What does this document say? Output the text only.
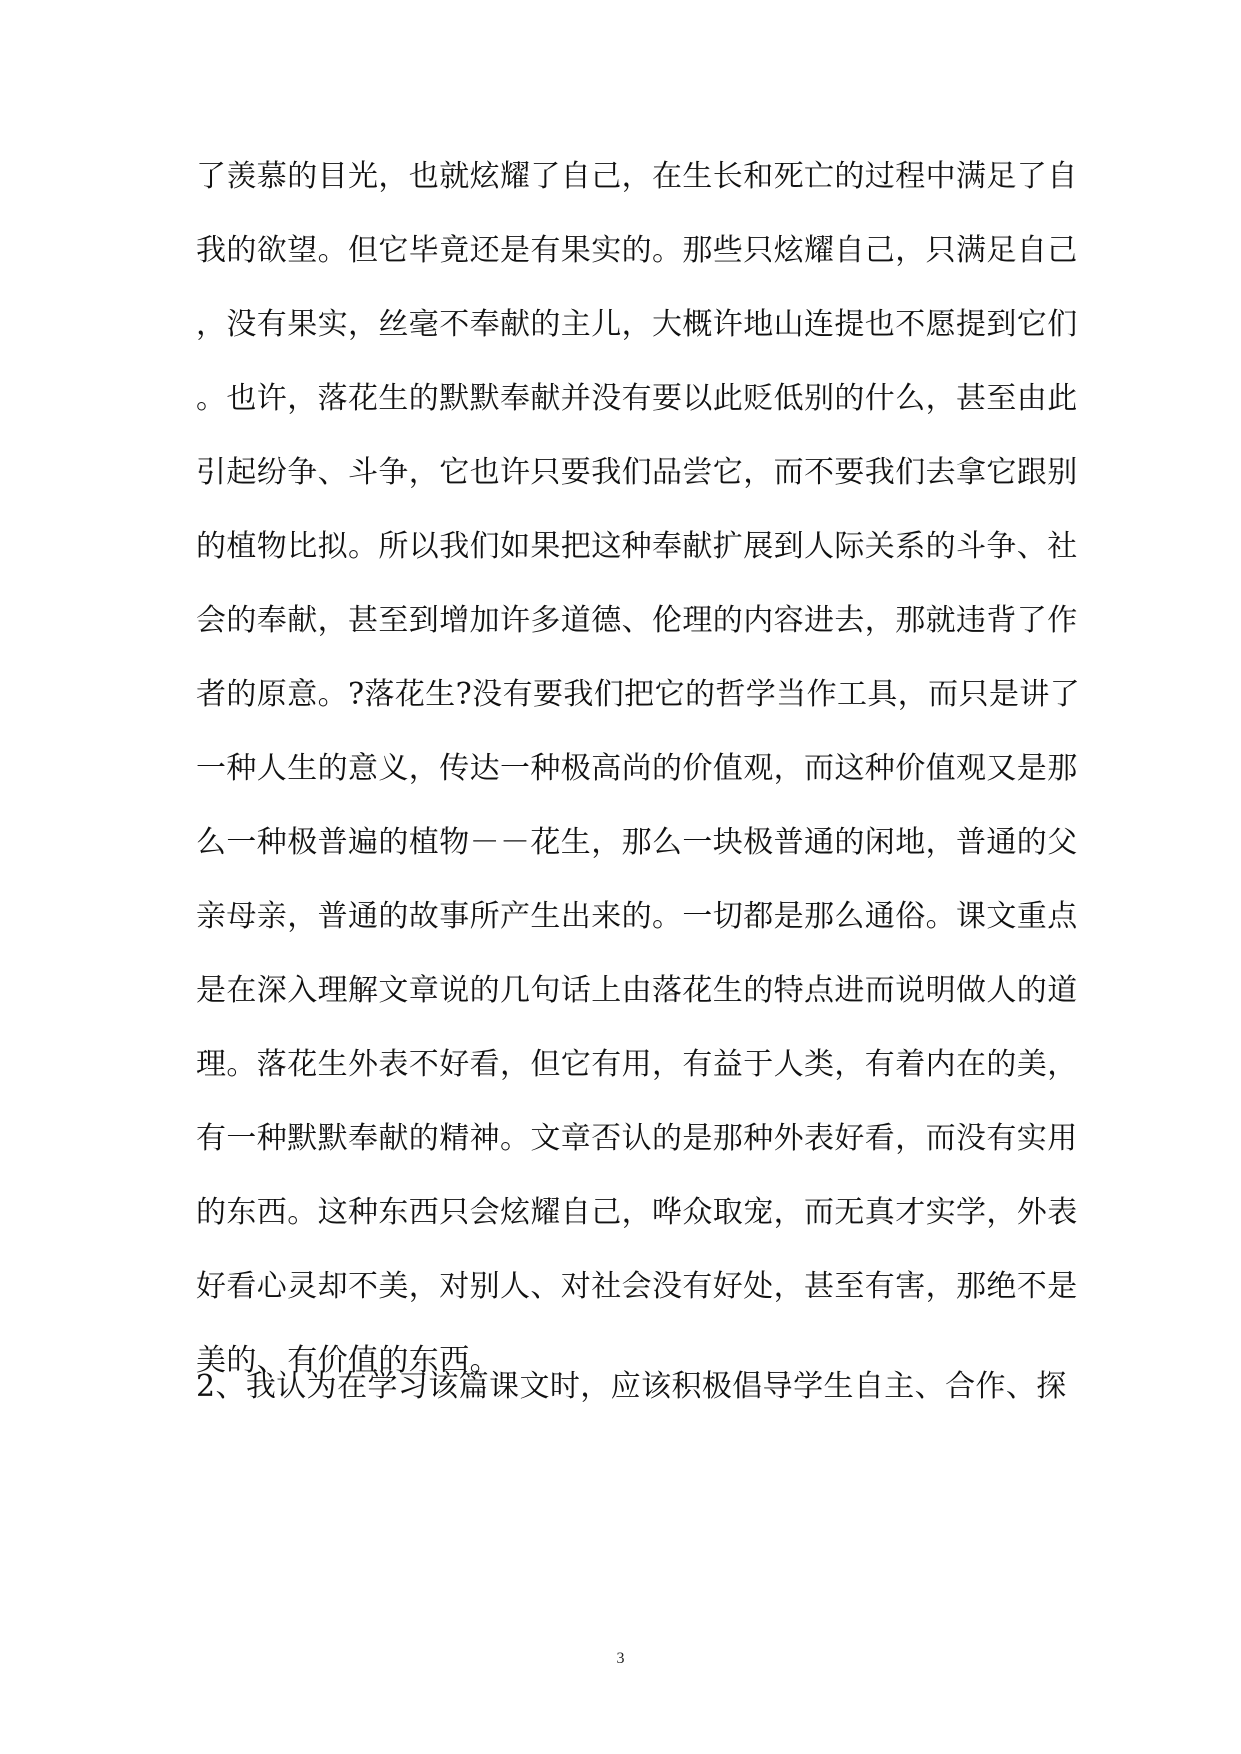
了羡慕的目光，也就炫耀了自己，在生长和死亡的过程中满足了自
我的欲望。但它毕竟还是有果实的。那些只炫耀自己，只满足自己
，没有果实，丝毫不奉献的主儿，大概许地山连提也不愿提到它们
。也许，落花生的默默奉献并没有要以此贬低别的什么，甚至由此
引起纷争、斗争，它也许只要我们品尝它，而不要我们去拿它跟别
的植物比拟。所以我们如果把这种奉献扩展到人际关系的斗争、社
会的奉献，甚至到增加许多道德、伦理的内容进去，那就违背了作
者的原意。?落花生?没有要我们把它的哲学当作工具，而只是讲了
一种人生的意义，传达一种极高尚的价值观，而这种价值观又是那
么一种极普遍的植物－－花生，那么一块极普通的闲地，普通的父
亲母亲，普通的故事所产生出来的。一切都是那么通俗。课文重点
是在深入理解文章说的几句话上由落花生的特点进而说明做人的道
理。落花生外表不好看，但它有用，有益于人类，有着内在的美，
有一种默默奉献的精神。文章否认的是那种外表好看，而没有实用
的东西。这种东西只会炫耀自己，哗众取宠，而无真才实学，外表
好看心灵却不美，对别人、对社会没有好处，甚至有害，那绝不是
美的、有价值的东西。
2、我认为在学习该篇课文时，应该积极倡导学生自主、合作、探
3
